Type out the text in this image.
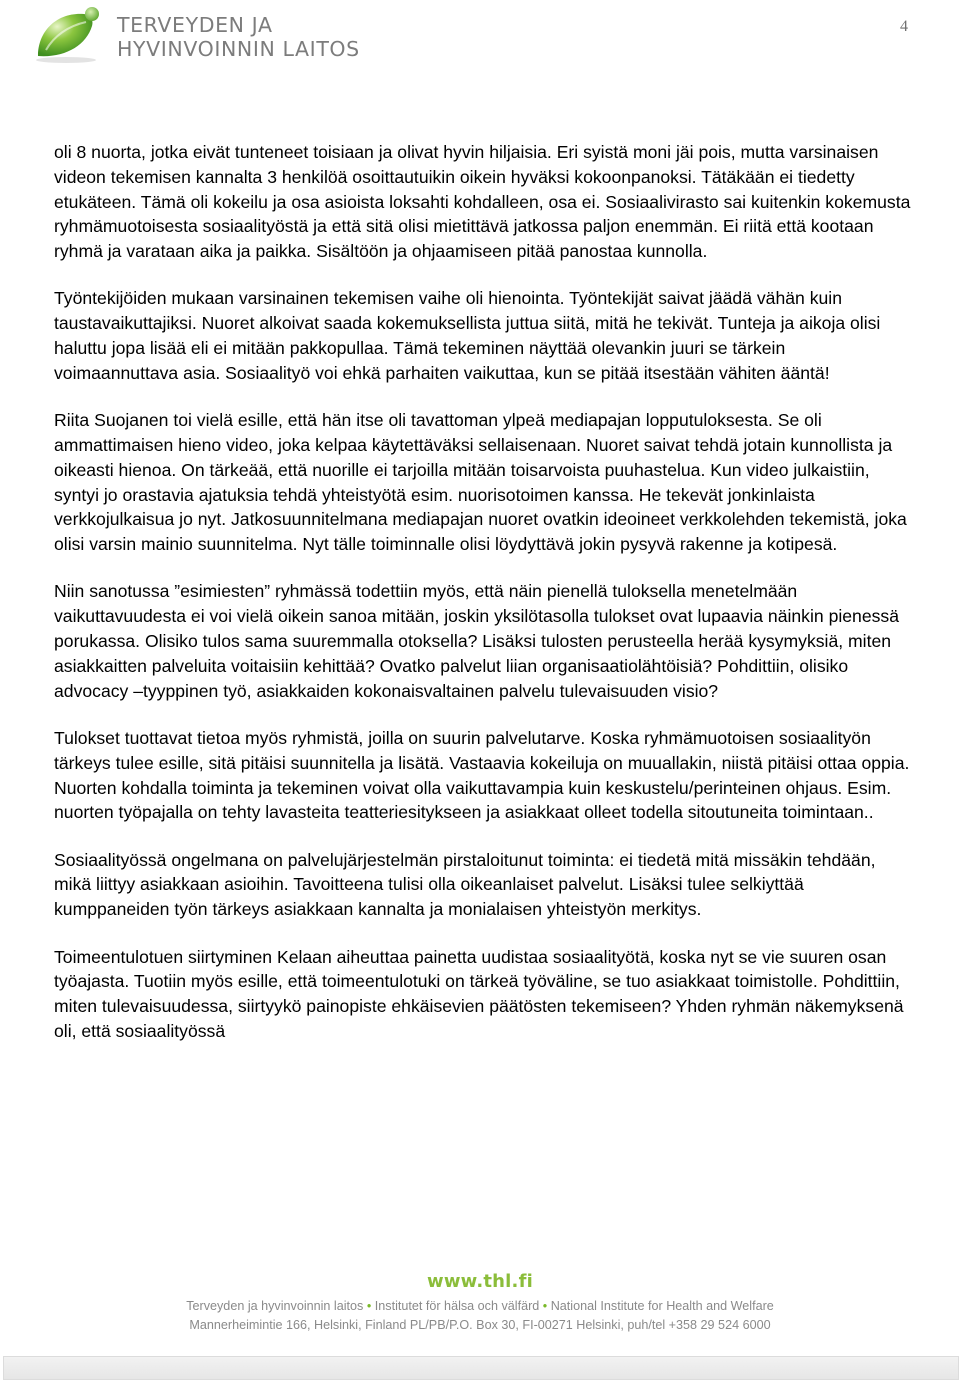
TERVEYDEN JA
HYVINVOINNIN LAITOS
4

oli 8 nuorta, jotka eivät tunteneet toisiaan ja olivat hyvin hiljaisia. Eri syistä moni jäi pois, mutta varsinaisen videon tekemisen kannalta 3 henkilöä osoittautuikin oikein hyväksi kokoonpanoksi. Tätäkään ei tiedetty etukäteen. Tämä oli kokeilu ja osa asioista loksahti kohdalleen, osa ei. Sosiaalivirasto sai kuitenkin kokemusta ryhmämuotoisesta sosiaalityöstä ja että sitä olisi mietittävä jatkossa paljon enemmän. Ei riitä että kootaan ryhmä ja varataan aika ja paikka. Sisältöön ja ohjaamiseen pitää panostaa kunnolla.

Työntekijöiden mukaan varsinainen tekemisen vaihe oli hienointa. Työntekijät saivat jäädä vähän kuin taustavaikuttajiksi. Nuoret alkoivat saada kokemuksellista juttua siitä, mitä he tekivät. Tunteja ja aikoja olisi haluttu jopa lisää eli ei mitään pakkopullaa. Tämä tekeminen näyttää olevankin juuri se tärkein voimaannuttava asia. Sosiaalityö voi ehkä parhaiten vaikuttaa, kun se pitää itsestään vähiten ääntä!

Riita Suojanen toi vielä esille, että hän itse oli tavattoman ylpeä mediapajan lopputuloksesta. Se oli ammattimaisen hieno video, joka kelpaa käytettäväksi sellaisenaan. Nuoret saivat tehdä jotain kunnollista ja oikeasti hienoa. On tärkeää, että nuorille ei tarjoilla mitään toisarvoista puuhastelua. Kun video julkaistiin, syntyi jo orastavia ajatuksia tehdä yhteistyötä esim. nuorisotoimen kanssa. He tekevät jonkinlaista verkkojulkaisua jo nyt. Jatkosuunnitelmana mediapajan nuoret ovatkin ideoineet verkkolehden tekemistä, joka olisi varsin mainio suunnitelma. Nyt tälle toiminnalle olisi löydyttävä jokin pysyvä rakenne ja kotipesä.

Niin sanotussa ”esimiesten” ryhmässä todettiin myös, että näin pienellä tuloksella menetelmään vaikuttavuudesta ei voi vielä oikein sanoa mitään, joskin yksilötasolla tulokset ovat lupaavia näinkin pienessä porukassa. Olisiko tulos sama suuremmalla otoksella? Lisäksi tulosten perusteella herää kysymyksiä, miten asiakkaitten palveluita voitaisiin kehittää? Ovatko palvelut liian organisaatiolähtöisiä? Pohdittiin, olisiko advocacy –tyyppinen työ, asiakkaiden kokonaisvaltainen palvelu tulevaisuuden visio?

Tulokset tuottavat tietoa myös ryhmistä, joilla on suurin palvelutarve. Koska ryhmämuotoisen sosiaalityön tärkeys tulee esille, sitä pitäisi suunnitella ja lisätä. Vastaavia kokeiluja on muuallakin, niistä pitäisi ottaa oppia. Nuorten kohdalla toiminta ja tekeminen voivat olla vaikuttavampia kuin keskustelu/perinteinen ohjaus. Esim. nuorten työpajalla on tehty lavasteita teatteriesitykseen ja asiakkaat olleet todella sitoutuneita toimintaan..

Sosiaalityössä ongelmana on palvelujärjestelmän pirstaloitunut toiminta: ei tiedetä mitä missäkin tehdään, mikä liittyy asiakkaan asioihin. Tavoitteena tulisi olla oikeanlaiset palvelut. Lisäksi tulee selkiyttää kumppaneiden työn tärkeys asiakkaan kannalta ja monialaisen yhteistyön merkitys.

Toimeentulotuen siirtyminen Kelaan aiheuttaa painetta uudistaa sosiaalityötä, koska nyt se vie suuren osan työajasta. Tuotiin myös esille, että toimeentulotuki on tärkeä työväline, se tuo asiakkaat toimistolle. Pohdittiin, miten tulevaisuudessa, siirtyykö painopiste ehkäisevien päätösten tekemiseen? Yhden ryhmän näkemyksenä oli, että sosiaalityössä

www.thl.fi
Terveyden ja hyvinvoinnin laitos • Institutet för hälsa och välfärd • National Institute for Health and Welfare
Mannerheimintie 166, Helsinki, Finland PL/PB/P.O. Box 30, FI-00271 Helsinki, puh/tel +358 29 524 6000
